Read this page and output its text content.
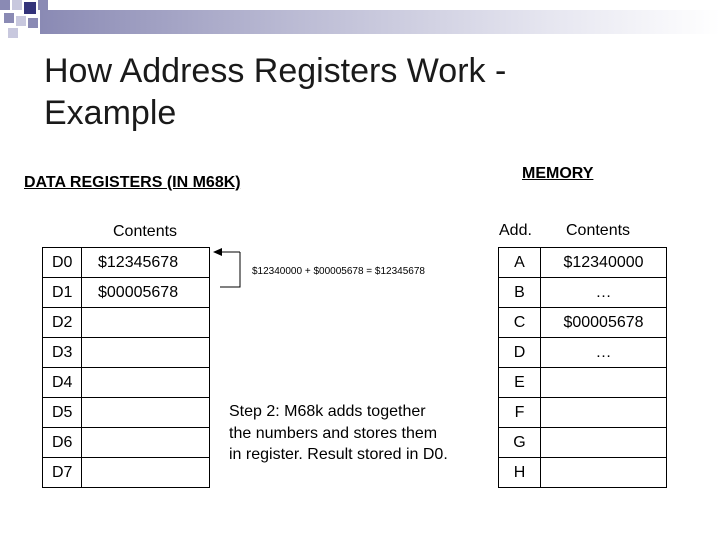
How Address Registers Work -
Example
DATA REGISTERS (IN M68K)
MEMORY
Contents	Add. Contents
D0	$12345678
D1	$00005678
D2	
D3	
D4	
D5	
D6	
D7	
A	$12340000
B	…
C	$00005678
D	…
E	
F	
G	
H	
$12340000 + $00005678 = $12345678
Step 2: M68k adds together
the numbers and stores them
in register. Result stored in D0.
